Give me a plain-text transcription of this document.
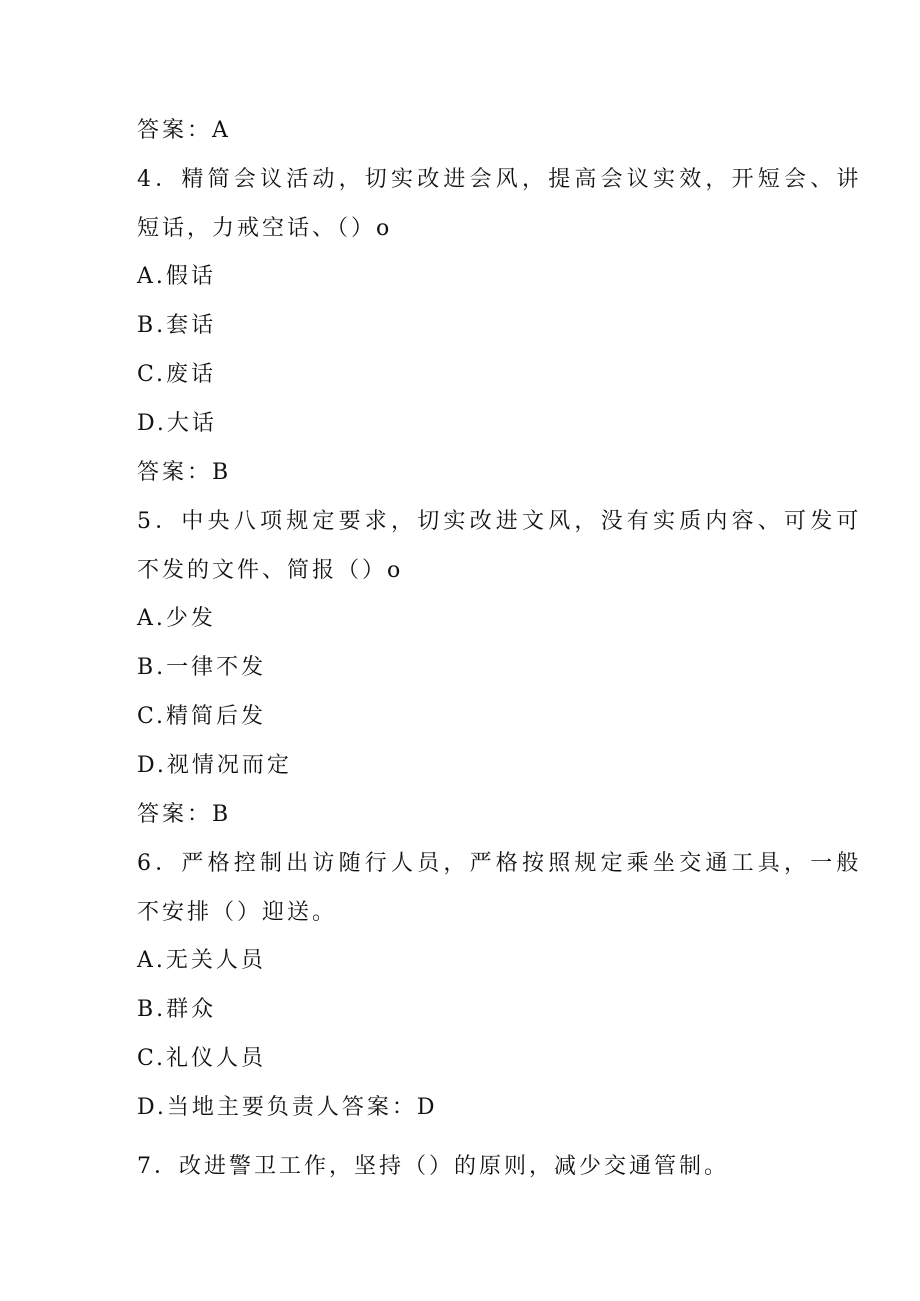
答案：A
4．精简会议活动，切实改进会风，提高会议实效，开短会、讲
短话，力戒空话、（）o
A.假话
B.套话
C.废话
D.大话
答案：B
5．中央八项规定要求，切实改进文风，没有实质内容、可发可
不发的文件、简报（）o
A.少发
B.一律不发
C.精简后发
D.视情况而定
答案：B
6．严格控制出访随行人员，严格按照规定乘坐交通工具，一般
不安排（）迎送。
A.无关人员
B.群众
C.礼仪人员
D.当地主要负责人答案：D
7．改进警卫工作，坚持（）的原则，减少交通管制。
